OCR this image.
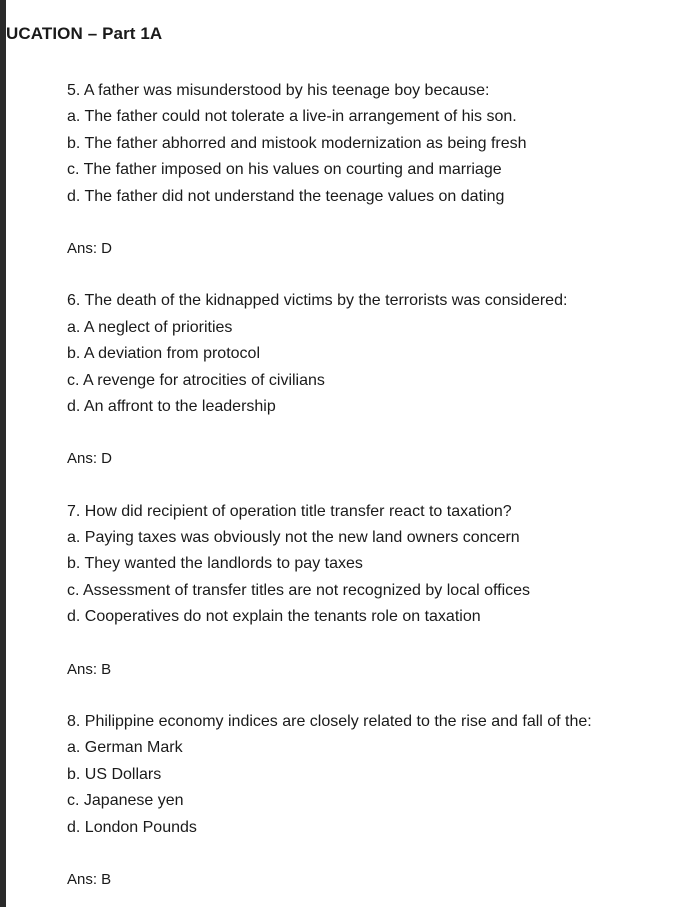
UCATION – Part 1A
5. A father was misunderstood by his teenage boy because:
a. The father could not tolerate a live-in arrangement of his son.
b. The father abhorred and mistook modernization as being fresh
c. The father imposed on his values on courting and marriage
d. The father did not understand the teenage values on dating
Ans: D
6. The death of the kidnapped victims by the terrorists was considered:
a. A neglect of priorities
b. A deviation from protocol
c. A revenge for atrocities of civilians
d. An affront to the leadership
Ans: D
7. How did recipient of operation title transfer react to taxation?
a. Paying taxes was obviously not the new land owners concern
b. They wanted the landlords to pay taxes
c. Assessment of transfer titles are not recognized by local offices
d. Cooperatives do not explain the tenants role on taxation
Ans: B
8. Philippine economy indices are closely related to the rise and fall of the:
a. German Mark
b. US Dollars
c. Japanese yen
d. London Pounds
Ans: B
